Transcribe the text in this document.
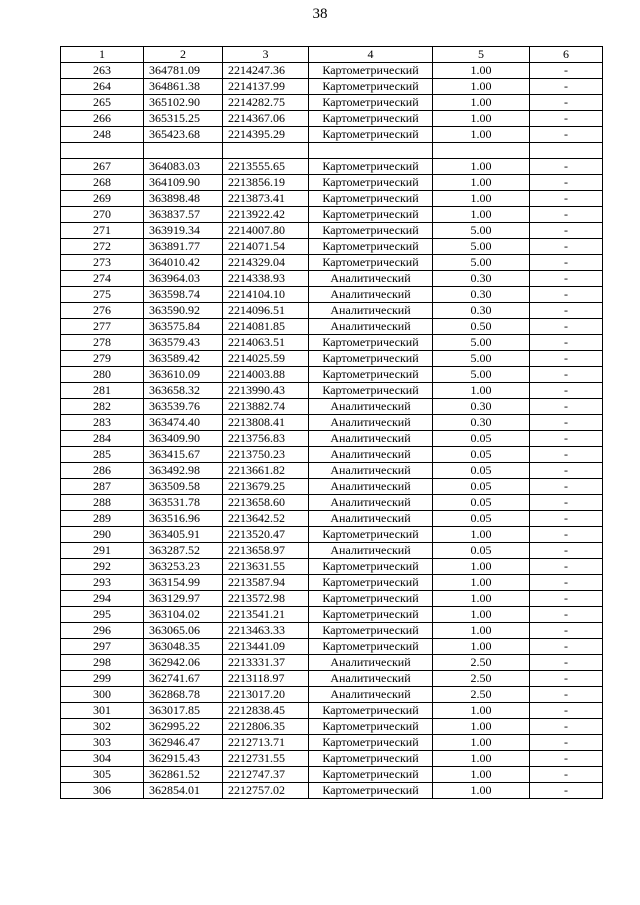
38
1	2	3	4	5	6
263	364781.09	2214247.36	Картометрический	1.00	-
264	364861.38	2214137.99	Картометрический	1.00	-
265	365102.90	2214282.75	Картометрический	1.00	-
266	365315.25	2214367.06	Картометрический	1.00	-
248	365423.68	2214395.29	Картометрический	1.00	-

267	364083.03	2213555.65	Картометрический	1.00	-
268	364109.90	2213856.19	Картометрический	1.00	-
269	363898.48	2213873.41	Картометрический	1.00	-
270	363837.57	2213922.42	Картометрический	1.00	-
271	363919.34	2214007.80	Картометрический	5.00	-
272	363891.77	2214071.54	Картометрический	5.00	-
273	364010.42	2214329.04	Картометрический	5.00	-
274	363964.03	2214338.93	Аналитический	0.30	-
275	363598.74	2214104.10	Аналитический	0.30	-
276	363590.92	2214096.51	Аналитический	0.30	-
277	363575.84	2214081.85	Аналитический	0.50	-
278	363579.43	2214063.51	Картометрический	5.00	-
279	363589.42	2214025.59	Картометрический	5.00	-
280	363610.09	2214003.88	Картометрический	5.00	-
281	363658.32	2213990.43	Картометрический	1.00	-
282	363539.76	2213882.74	Аналитический	0.30	-
283	363474.40	2213808.41	Аналитический	0.30	-
284	363409.90	2213756.83	Аналитический	0.05	-
285	363415.67	2213750.23	Аналитический	0.05	-
286	363492.98	2213661.82	Аналитический	0.05	-
287	363509.58	2213679.25	Аналитический	0.05	-
288	363531.78	2213658.60	Аналитический	0.05	-
289	363516.96	2213642.52	Аналитический	0.05	-
290	363405.91	2213520.47	Картометрический	1.00	-
291	363287.52	2213658.97	Аналитический	0.05	-
292	363253.23	2213631.55	Картометрический	1.00	-
293	363154.99	2213587.94	Картометрический	1.00	-
294	363129.97	2213572.98	Картометрический	1.00	-
295	363104.02	2213541.21	Картометрический	1.00	-
296	363065.06	2213463.33	Картометрический	1.00	-
297	363048.35	2213441.09	Картометрический	1.00	-
298	362942.06	2213331.37	Аналитический	2.50	-
299	362741.67	2213118.97	Аналитический	2.50	-
300	362868.78	2213017.20	Аналитический	2.50	-
301	363017.85	2212838.45	Картометрический	1.00	-
302	362995.22	2212806.35	Картометрический	1.00	-
303	362946.47	2212713.71	Картометрический	1.00	-
304	362915.43	2212731.55	Картометрический	1.00	-
305	362861.52	2212747.37	Картометрический	1.00	-
306	362854.01	2212757.02	Картометрический	1.00	-
